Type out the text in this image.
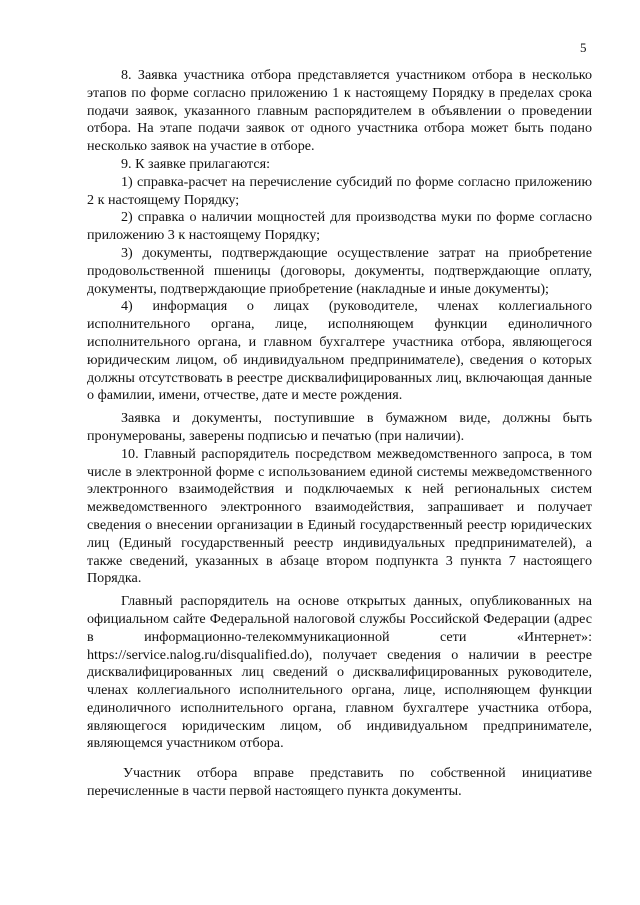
5

8. Заявка участника отбора представляется участником отбора в несколько этапов по форме согласно приложению 1 к настоящему Порядку в пределах срока подачи заявок, указанного главным распорядителем в объявлении о проведении отбора. На этапе подачи заявок от одного участника отбора может быть подано несколько заявок на участие в отборе.

9. К заявке прилагаются:

1) справка-расчет на перечисление субсидий по форме согласно приложению 2 к настоящему Порядку;

2) справка о наличии мощностей для производства муки по форме согласно приложению 3 к настоящему Порядку;

3) документы, подтверждающие осуществление затрат на приобретение продовольственной пшеницы (договоры, документы, подтверждающие оплату, документы, подтверждающие приобретение (накладные и иные документы);

4) информация о лицах (руководителе, членах коллегиального исполнительного органа, лице, исполняющем функции единоличного исполнительного органа, и главном бухгалтере участника отбора, являющегося юридическим лицом, об индивидуальном предпринимателе), сведения о которых должны отсутствовать в реестре дисквалифицированных лиц, включающая данные о фамилии, имени, отчестве, дате и месте рождения.

Заявка и документы, поступившие в бумажном виде, должны быть пронумерованы, заверены подписью и печатью (при наличии).

10. Главный распорядитель посредством межведомственного запроса, в том числе в электронной форме с использованием единой системы межведомственного электронного взаимодействия и подключаемых к ней региональных систем межведомственного электронного взаимодействия, запрашивает и получает сведения о внесении организации в Единый государственный реестр юридических лиц (Единый государственный реестр индивидуальных предпринимателей), а также сведений, указанных в абзаце втором подпункта 3 пункта 7 настоящего Порядка.

Главный распорядитель на основе открытых данных, опубликованных на официальном сайте Федеральной налоговой службы Российской Федерации (адрес в информационно-телекоммуникационной сети «Интернет»: https://service.nalog.ru/disqualified.do), получает сведения о наличии в реестре дисквалифицированных лиц сведений о дисквалифицированных руководителе, членах коллегиального исполнительного органа, лице, исполняющем функции единоличного исполнительного органа, главном бухгалтере участника отбора, являющегося юридическим лицом, об индивидуальном предпринимателе, являющемся участником отбора.

Участник отбора вправе представить по собственной инициативе перечисленные в части первой настоящего пункта документы.
